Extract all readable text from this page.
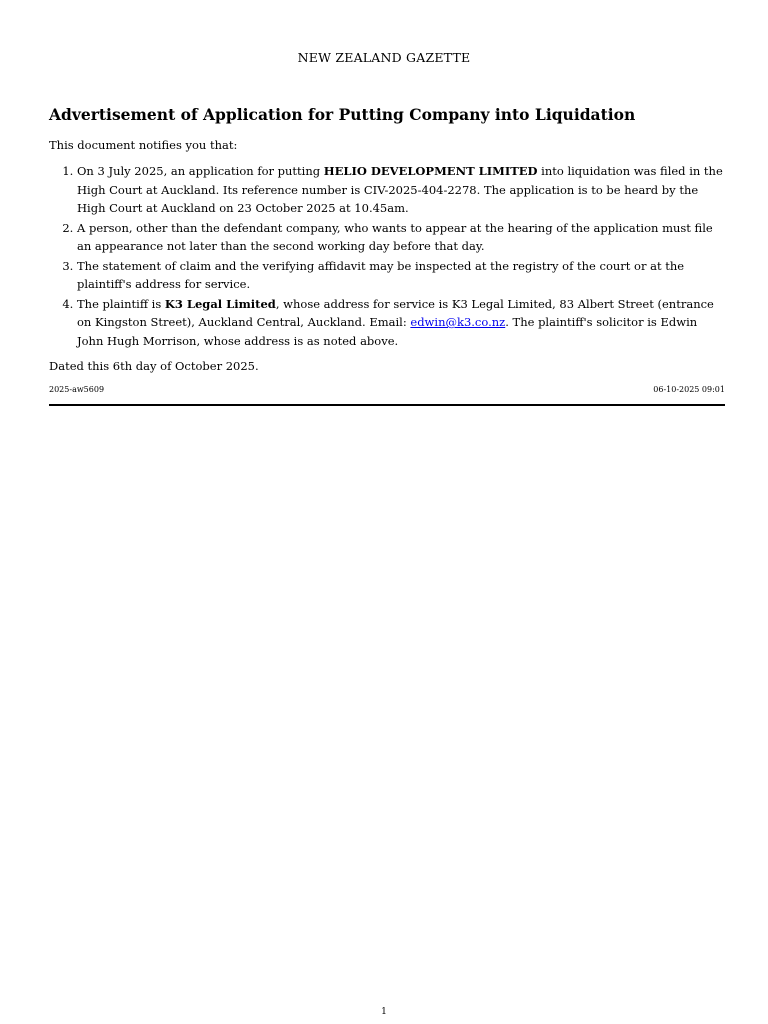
NEW ZEALAND GAZETTE
Advertisement of Application for Putting Company into Liquidation

This document notifies you that:

1. On 3 July 2025, an application for putting HELIO DEVELOPMENT LIMITED into liquidation was filed in the High Court at Auckland. Its reference number is CIV-2025-404-2278. The application is to be heard by the High Court at Auckland on 23 October 2025 at 10.45am.
2. A person, other than the defendant company, who wants to appear at the hearing of the application must file an appearance not later than the second working day before that day.
3. The statement of claim and the verifying affidavit may be inspected at the registry of the court or at the plaintiff's address for service.
4. The plaintiff is K3 Legal Limited, whose address for service is K3 Legal Limited, 83 Albert Street (entrance on Kingston Street), Auckland Central, Auckland. Email: edwin@k3.co.nz. The plaintiff's solicitor is Edwin John Hugh Morrison, whose address is as noted above.

Dated this 6th day of October 2025.

2025-aw5609	06-10-2025 09:01
1
